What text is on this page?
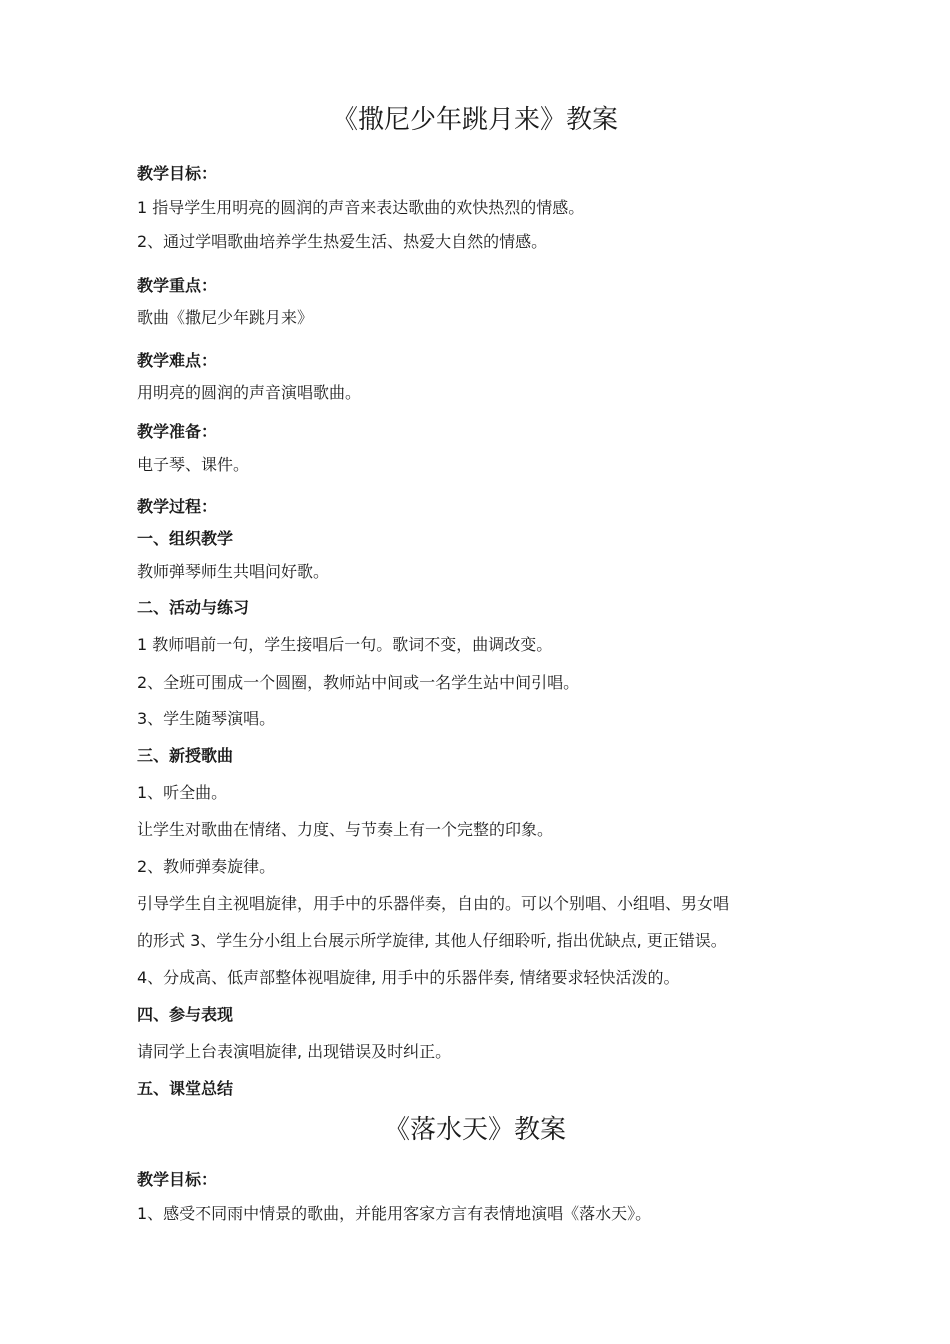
《撒尼少年跳月来》教案
教学目标：
1 指导学生用明亮的圆润的声音来表达歌曲的欢快热烈的情感。
2、通过学唱歌曲培养学生热爱生活、热爱大自然的情感。
教学重点：
歌曲《撒尼少年跳月来》
教学难点：
用明亮的圆润的声音演唱歌曲。
教学准备：
电子琴、课件。
教学过程：
一、组织教学
教师弹琴师生共唱问好歌。
二、活动与练习
1 教师唱前一句，学生接唱后一句。歌词不变，曲调改变。
2、全班可围成一个圆圈，教师站中间或一名学生站中间引唱。
3、学生随琴演唱。
三、新授歌曲
1、听全曲。
让学生对歌曲在情绪、力度、与节奏上有一个完整的印象。
2、教师弹奏旋律。
引导学生自主视唱旋律，用手中的乐器伴奏，自由的。可以个别唱、小组唱、男女唱
的形式 3、学生分小组上台展示所学旋律, 其他人仔细聆听, 指出优缺点, 更正错误。
4、分成高、低声部整体视唱旋律, 用手中的乐器伴奏, 情绪要求轻快活泼的。
四、参与表现
请同学上台表演唱旋律, 出现错误及时纠正。
五、课堂总结
《落水天》教案
教学目标：
1、感受不同雨中情景的歌曲，并能用客家方言有表情地演唱《落水天》。
